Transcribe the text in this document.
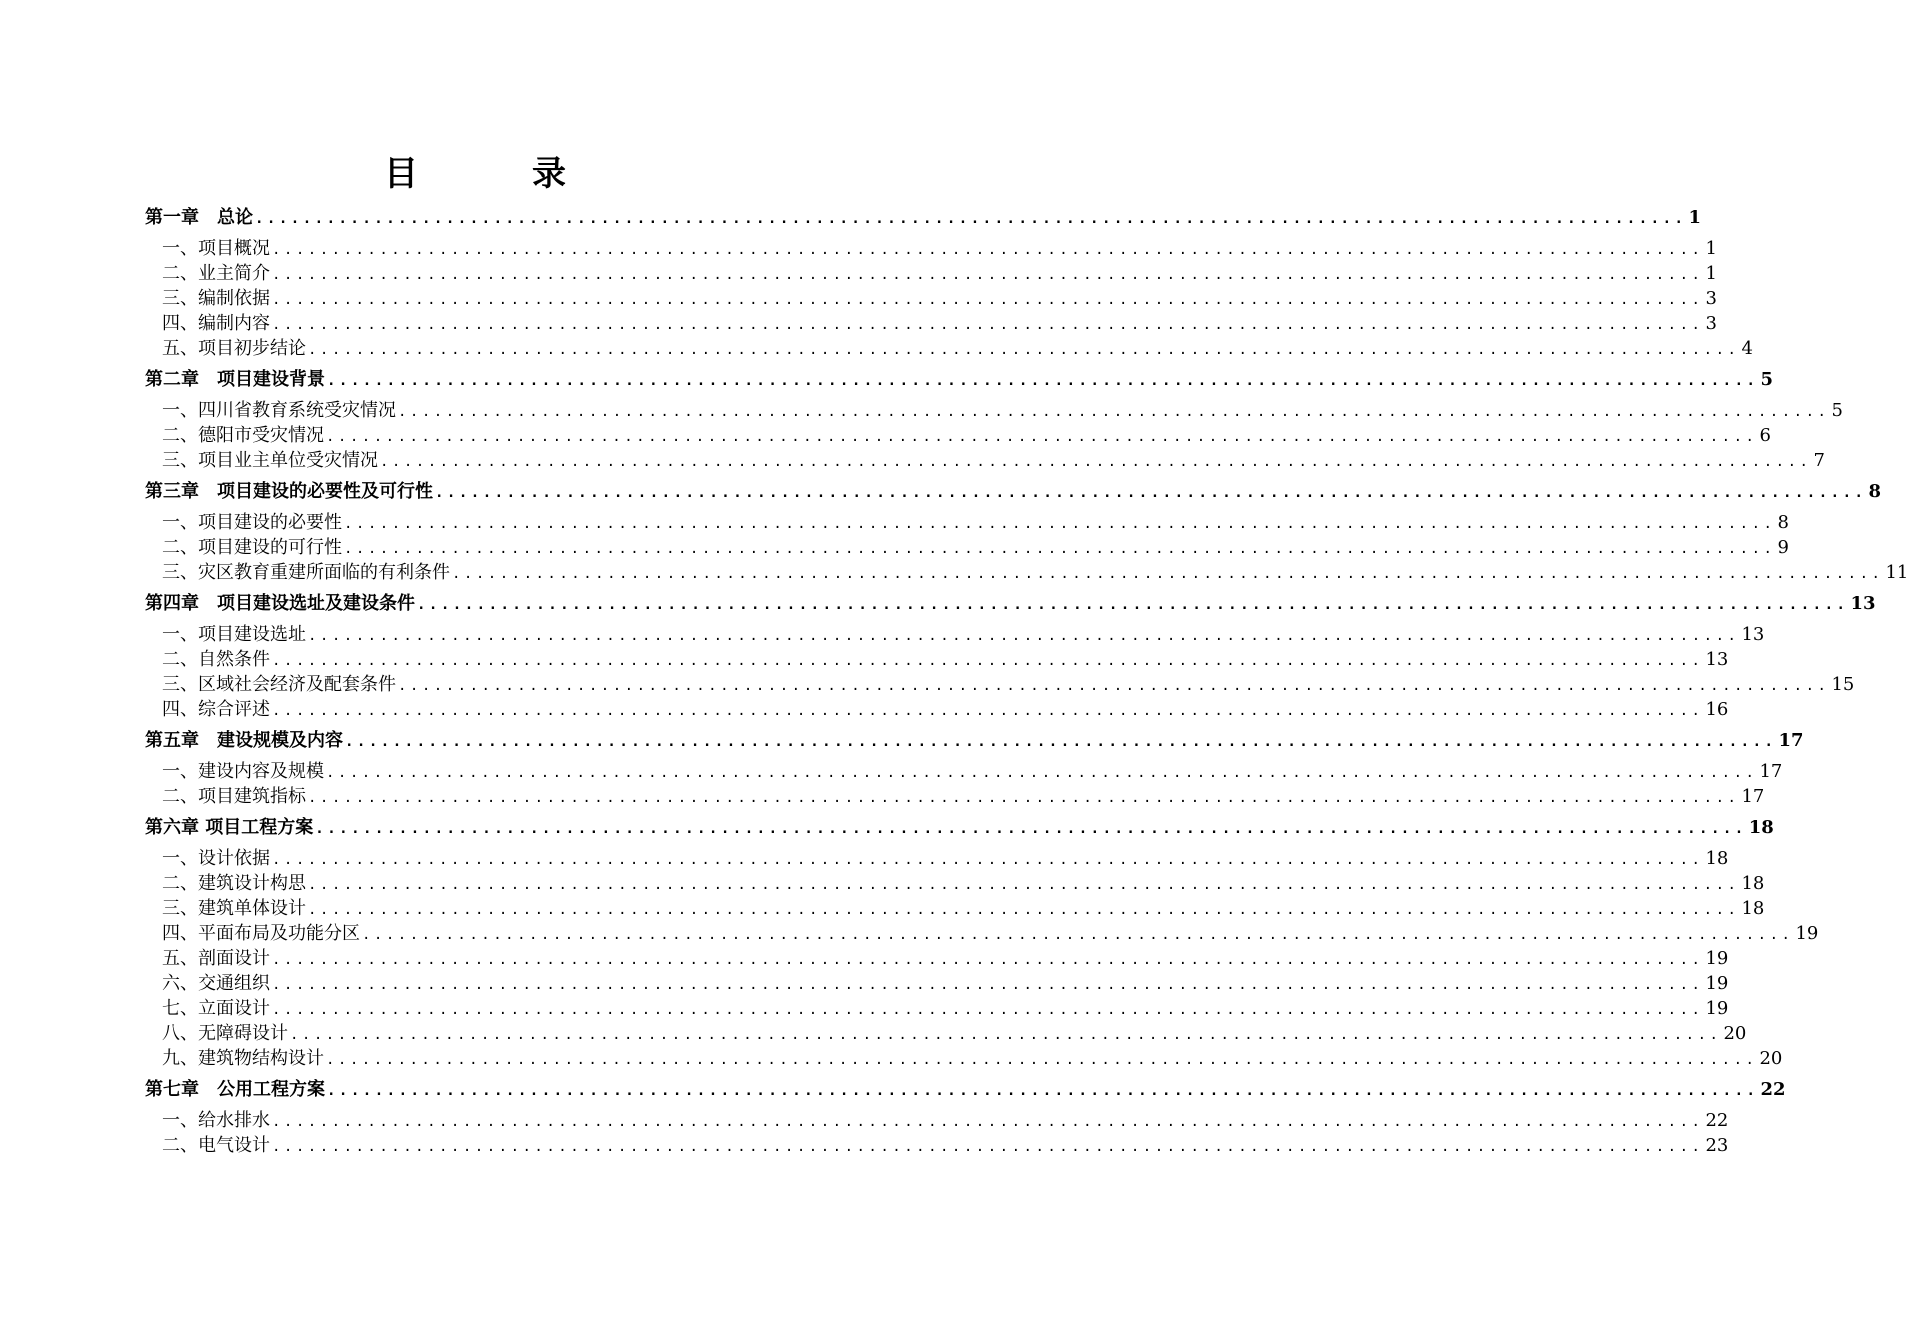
目　录
第一章　总论 ........................................................................................................................ 1
一、项目概况 ........................................................................................................................ 1
二、业主简介 ........................................................................................................................ 1
三、编制依据 ........................................................................................................................ 3
四、编制内容 ........................................................................................................................ 3
五、项目初步结论 ........................................................................................................................ 4
第二章　项目建设背景 ........................................................................................................................ 5
一、四川省教育系统受灾情况 ........................................................................................................................ 5
二、德阳市受灾情况 ........................................................................................................................ 6
三、项目业主单位受灾情况 ........................................................................................................................ 7
第三章　项目建设的必要性及可行性 ........................................................................................................................ 8
一、项目建设的必要性 ........................................................................................................................ 8
二、项目建设的可行性 ........................................................................................................................ 9
三、灾区教育重建所面临的有利条件 ........................................................................................................................ 11
第四章　项目建设选址及建设条件 ........................................................................................................................ 13
一、项目建设选址 ........................................................................................................................ 13
二、自然条件 ........................................................................................................................ 13
三、区域社会经济及配套条件 ........................................................................................................................ 15
四、综合评述 ........................................................................................................................ 16
第五章　建设规模及内容 ........................................................................................................................ 17
一、建设内容及规模 ........................................................................................................................ 17
二、项目建筑指标 ........................................................................................................................ 17
第六章 项目工程方案 ........................................................................................................................ 18
一、设计依据 ........................................................................................................................ 18
二、建筑设计构思 ........................................................................................................................ 18
三、建筑单体设计 ........................................................................................................................ 18
四、平面布局及功能分区 ........................................................................................................................ 19
五、剖面设计 ........................................................................................................................ 19
六、交通组织 ........................................................................................................................ 19
七、立面设计 ........................................................................................................................ 19
八、无障碍设计 ........................................................................................................................ 20
九、建筑物结构设计 ........................................................................................................................ 20
第七章　公用工程方案 ........................................................................................................................ 22
一、给水排水 ........................................................................................................................ 22
二、电气设计 ........................................................................................................................ 23
